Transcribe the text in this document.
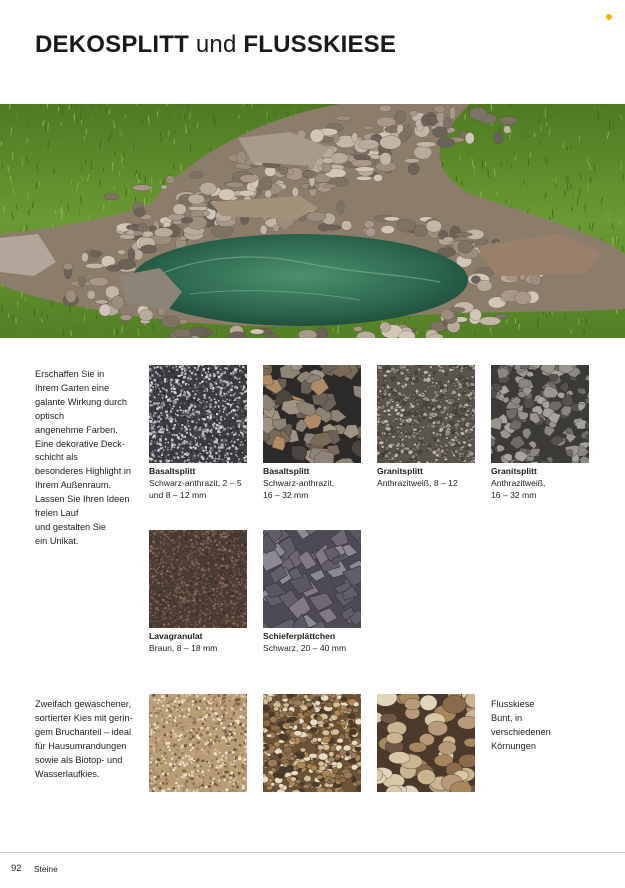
DEKOSPLITT und FLUSSKIESE
Erschaffen Sie in
Ihrem Garten eine
galante Wirkung durch
optisch
angenehme Farben.
Eine dekorative Deck-
schicht als
besonderes Highlight in
Ihrem Außenraum.
Lassen Sie Ihren Ideen
freien Lauf
und gestalten Sie
ein Unikat.
Basaltsplitt
Schwarz-anthrazit, 2 – 5
und 8 – 12 mm
Basaltsplitt
Schwarz-anthrazit,
16 – 32 mm
Granitsplitt
Anthrazitweiß, 8 – 12
Granitsplitt
Anthrazitweiß,
16 – 32 mm
Lavagranulat
Braun, 8 – 18 mm
Schieferplättchen
Schwarz, 20 – 40 mm
Zweifach gewaschener,
sortierter Kies mit gerin-
gem Bruchanteil – ideal
für Hausumrandungen
sowie als Biotop- und
Wasserlaufkies.
Flusskiese
Bunt, in
verschiedenen
Körnungen
92 Steine
